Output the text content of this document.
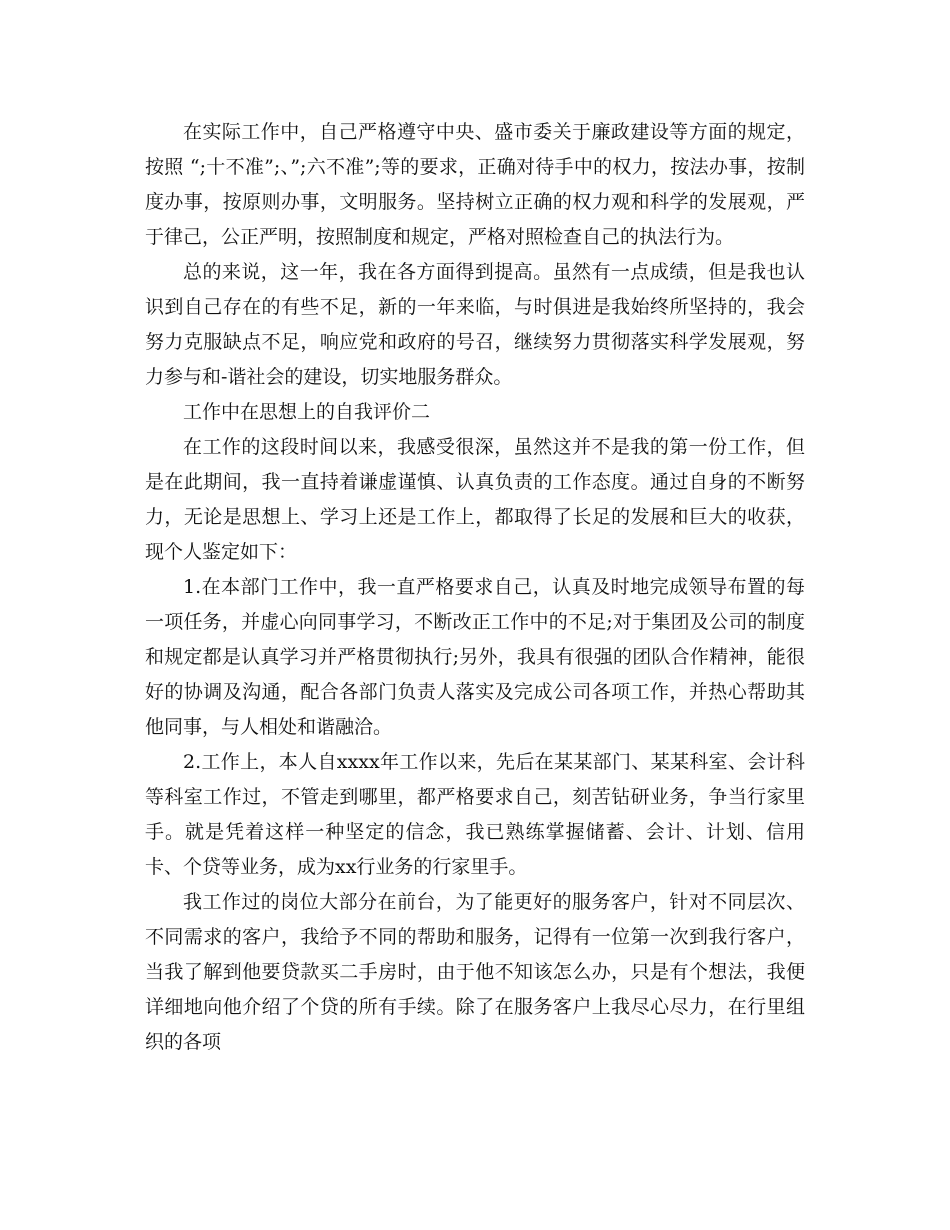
在实际工作中，自己严格遵守中央、盛市委关于廉政建设等方面的规定，按照 “;十不准”;、”;六不准”;等的要求，正确对待手中的权力，按法办事，按制度办事，按原则办事，文明服务。坚持树立正确的权力观和科学的发展观，严于律己，公正严明，按照制度和规定，严格对照检查自己的执法行为。

总的来说，这一年，我在各方面得到提高。虽然有一点成绩，但是我也认识到自己存在的有些不足，新的一年来临，与时俱进是我始终所坚持的，我会努力克服缺点不足，响应党和政府的号召，继续努力贯彻落实科学发展观，努力参与和-谐社会的建设，切实地服务群众。

工作中在思想上的自我评价二

在工作的这段时间以来，我感受很深，虽然这并不是我的第一份工作，但是在此期间，我一直持着谦虚谨慎、认真负责的工作态度。通过自身的不断努力，无论是思想上、学习上还是工作上，都取得了长足的发展和巨大的收获，现个人鉴定如下：

1.在本部门工作中，我一直严格要求自己，认真及时地完成领导布置的每一项任务，并虚心向同事学习，不断改正工作中的不足;对于集团及公司的制度和规定都是认真学习并严格贯彻执行;另外，我具有很强的团队合作精神，能很好的协调及沟通，配合各部门负责人落实及完成公司各项工作，并热心帮助其他同事，与人相处和谐融洽。

2.工作上，本人自xxxx年工作以来，先后在某某部门、某某科室、会计科等科室工作过，不管走到哪里，都严格要求自己，刻苦钻研业务，争当行家里手。就是凭着这样一种坚定的信念，我已熟练掌握储蓄、会计、计划、信用卡、个贷等业务，成为xx行业务的行家里手。

我工作过的岗位大部分在前台，为了能更好的服务客户，针对不同层次、不同需求的客户，我给予不同的帮助和服务，记得有一位第一次到我行客户，当我了解到他要贷款买二手房时，由于他不知该怎么办，只是有个想法，我便详细地向他介绍了个贷的所有手续。除了在服务客户上我尽心尽力，在行里组织的各项
